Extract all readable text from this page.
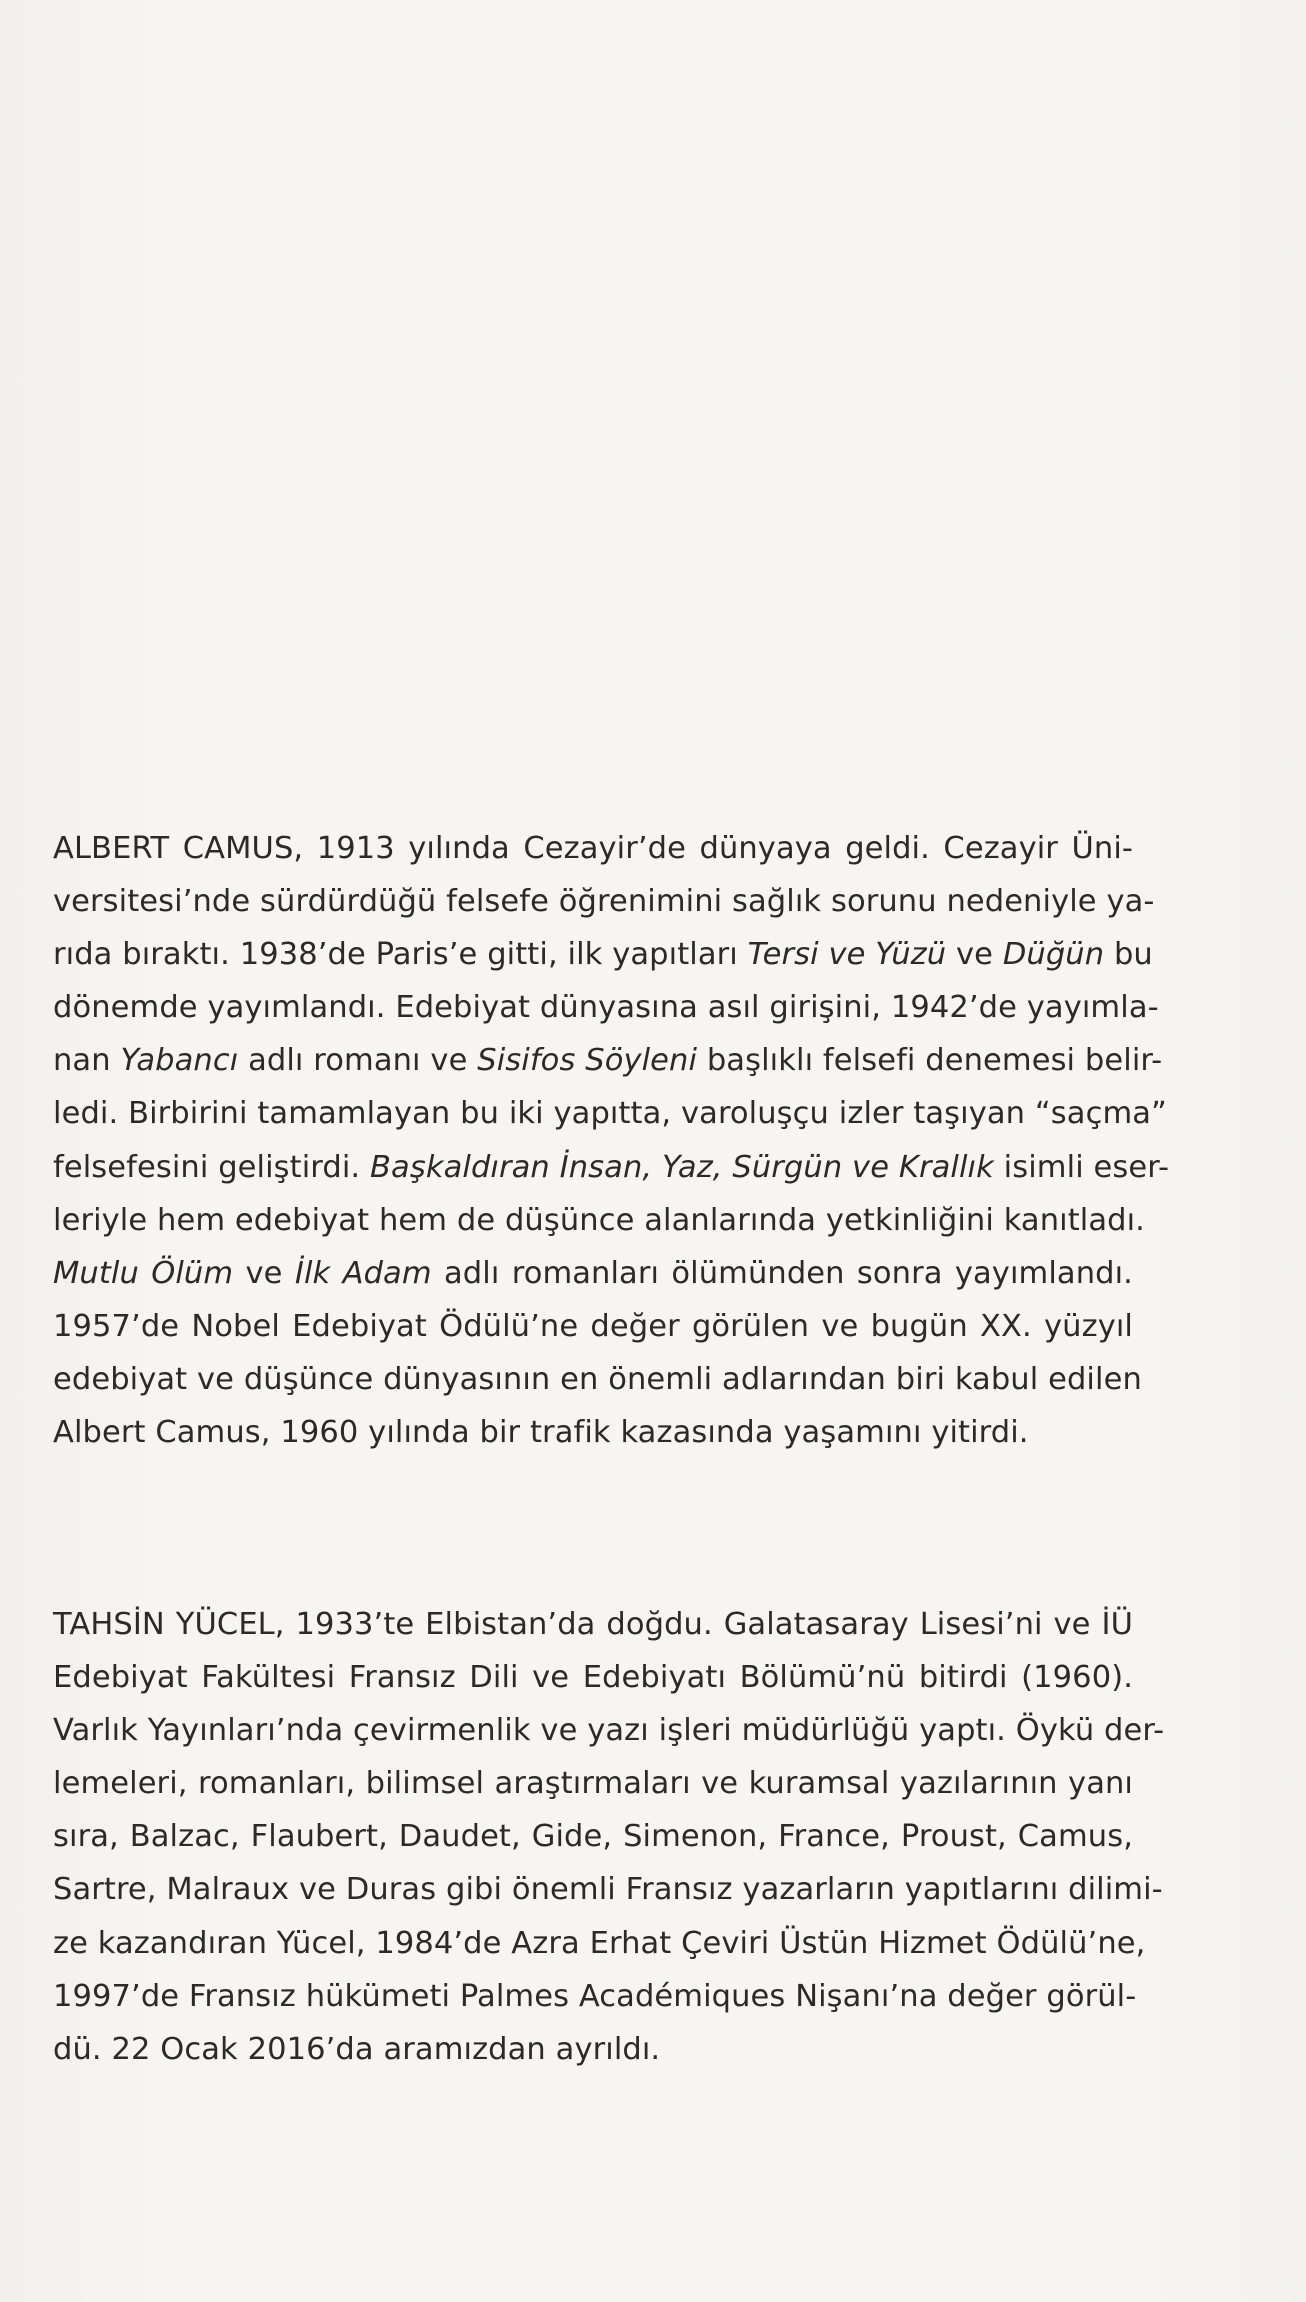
ALBERT CAMUS, 1913 yılında Cezayir’de dünyaya geldi. Cezayir Üni-
versitesi’nde sürdürdüğü felsefe öğrenimini sağlık sorunu nedeniyle ya-
rıda bıraktı. 1938’de Paris’e gitti, ilk yapıtları Tersi ve Yüzü ve Düğün bu
dönemde yayımlandı. Edebiyat dünyasına asıl girişini, 1942’de yayımla-
nan Yabancı adlı romanı ve Sisifos Söyleni başlıklı felsefi denemesi belir-
ledi. Birbirini tamamlayan bu iki yapıtta, varoluşçu izler taşıyan “saçma”
felsefesini geliştirdi. Başkaldıran İnsan, Yaz, Sürgün ve Krallık isimli eser-
leriyle hem edebiyat hem de düşünce alanlarında yetkinliğini kanıtladı.
Mutlu Ölüm ve İlk Adam adlı romanları ölümünden sonra yayımlandı.
1957’de Nobel Edebiyat Ödülü’ne değer görülen ve bugün XX. yüzyıl
edebiyat ve düşünce dünyasının en önemli adlarından biri kabul edilen
Albert Camus, 1960 yılında bir trafik kazasında yaşamını yitirdi.
TAHSİN YÜCEL, 1933’te Elbistan’da doğdu. Galatasaray Lisesi’ni ve İÜ
Edebiyat Fakültesi Fransız Dili ve Edebiyatı Bölümü’nü bitirdi (1960).
Varlık Yayınları’nda çevirmenlik ve yazı işleri müdürlüğü yaptı. Öykü der-
lemeleri, romanları, bilimsel araştırmaları ve kuramsal yazılarının yanı
sıra, Balzac, Flaubert, Daudet, Gide, Simenon, France, Proust, Camus,
Sartre, Malraux ve Duras gibi önemli Fransız yazarların yapıtlarını dilimi-
ze kazandıran Yücel, 1984’de Azra Erhat Çeviri Üstün Hizmet Ödülü’ne,
1997’de Fransız hükümeti Palmes Académiques Nişanı’na değer görül-
dü. 22 Ocak 2016’da aramızdan ayrıldı.
